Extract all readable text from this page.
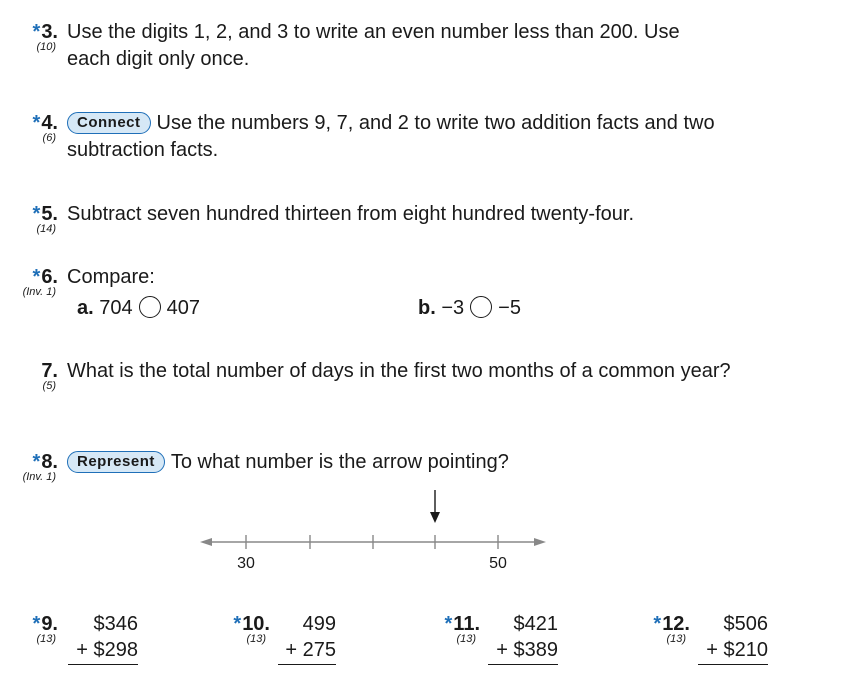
*3.
(10)
Use the digits 1, 2, and 3 to write an even number less than 200. Use each digit only once.
*4.
(6)
Connect Use the numbers 9, 7, and 2 to write two addition facts and two subtraction facts.
*5.
(14)
Subtract seven hundred thirteen from eight hundred twenty-four.
*6.
(Inv. 1)
Compare:
a. 704 407	b. −3 −5
7.
(5)
What is the total number of days in the first two months of a common year?
*8.
(Inv. 1)
Represent To what number is the arrow pointing?
30	50
*9.
(13)
$346
+ $298
*10.
(13)
499
+ 275
*11.
(13)
$421
+ $389
*12.
(13)
$506
+ $210
